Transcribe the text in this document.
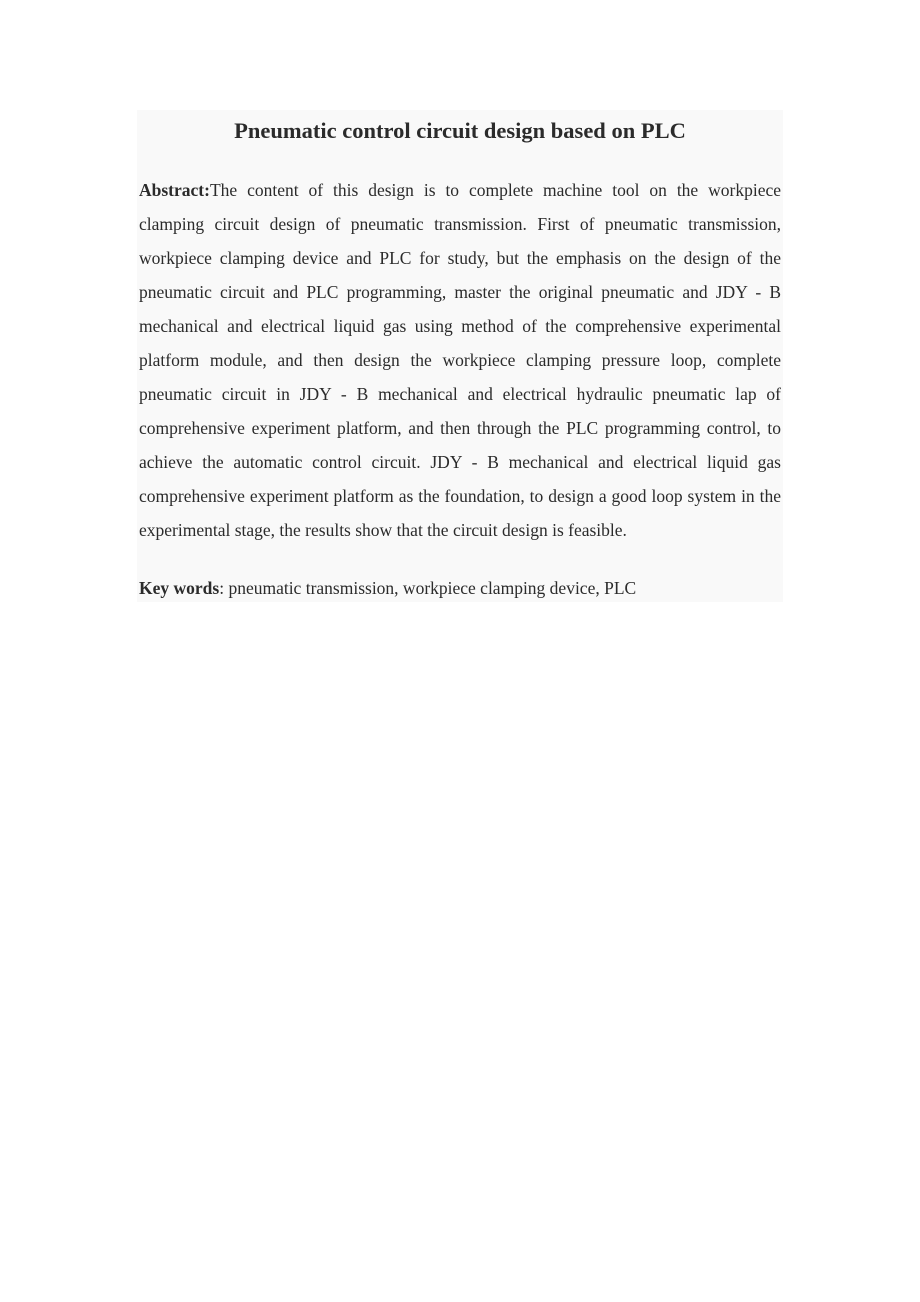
Pneumatic control circuit design based on PLC

Abstract:The content of this design is to complete machine tool on the workpiece clamping circuit design of pneumatic transmission. First of pneumatic transmission, workpiece clamping device and PLC for study, but the emphasis on the design of the pneumatic circuit and PLC programming, master the original pneumatic and JDY - B mechanical and electrical liquid gas using method of the comprehensive experimental platform module, and then design the workpiece clamping pressure loop, complete pneumatic circuit in JDY - B mechanical and electrical hydraulic pneumatic lap of comprehensive experiment platform, and then through the PLC programming control, to achieve the automatic control circuit. JDY - B mechanical and electrical liquid gas comprehensive experiment platform as the foundation, to design a good loop system in the experimental stage, the results show that the circuit design is feasible.

Key words: pneumatic transmission, workpiece clamping device, PLC
